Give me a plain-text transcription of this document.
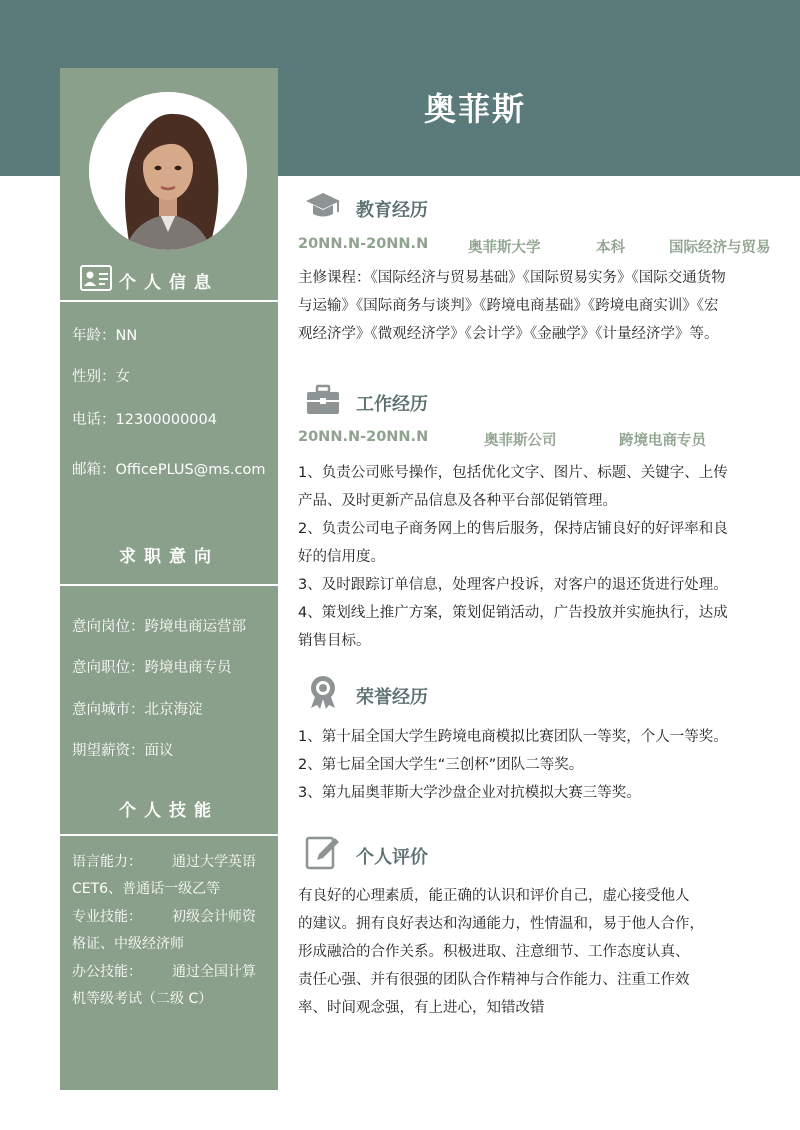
奥菲斯
个人信息
年龄：NN
性别：女
电话：12300000004
邮箱：OfficePLUS@ms.com
求职意向
意向岗位：跨境电商运营部
意向职位：跨境电商专员
意向城市：北京海淀
期望薪资：面议
个人技能
语言能力： 通过大学英语
CET6、普通话一级乙等
专业技能： 初级会计师资
格证、中级经济师
办公技能： 通过全国计算
机等级考试（二级 C）
教育经历
20NN.N-20NN.N	奥菲斯大学	本科	国际经济与贸易

主修课程：《国际经济与贸易基础》《国际贸易实务》《国际交通货物

与运输》《国际商务与谈判》《跨境电商基础》《跨境电商实训》《宏

观经济学》《微观经济学》《会计学》《金融学》《计量经济学》等。

工作经历
20NN.N-20NN.N	奥菲斯公司	跨境电商专员

1、负责公司账号操作，包括优化文字、图片、标题、关键字、上传

产品、及时更新产品信息及各种平台部促销管理。

2、负责公司电子商务网上的售后服务，保持店铺良好的好评率和良

好的信用度。

3、及时跟踪订单信息，处理客户投诉，对客户的退还货进行处理。

4、策划线上推广方案，策划促销活动，广告投放并实施执行，达成

销售目标。

荣誉经历

1、第十届全国大学生跨境电商模拟比赛团队一等奖，个人一等奖。

2、第七届全国大学生“三创杯”团队二等奖。

3、第九届奥菲斯大学沙盘企业对抗模拟大赛三等奖。

个人评价

有良好的心理素质，能正确的认识和评价自己，虚心接受他人

的建议。拥有良好表达和沟通能力，性情温和，易于他人合作，

形成融洽的合作关系。积极进取、注意细节、工作态度认真、

责任心强、并有很强的团队合作精神与合作能力、注重工作效

率、时间观念强，有上进心，知错改错
